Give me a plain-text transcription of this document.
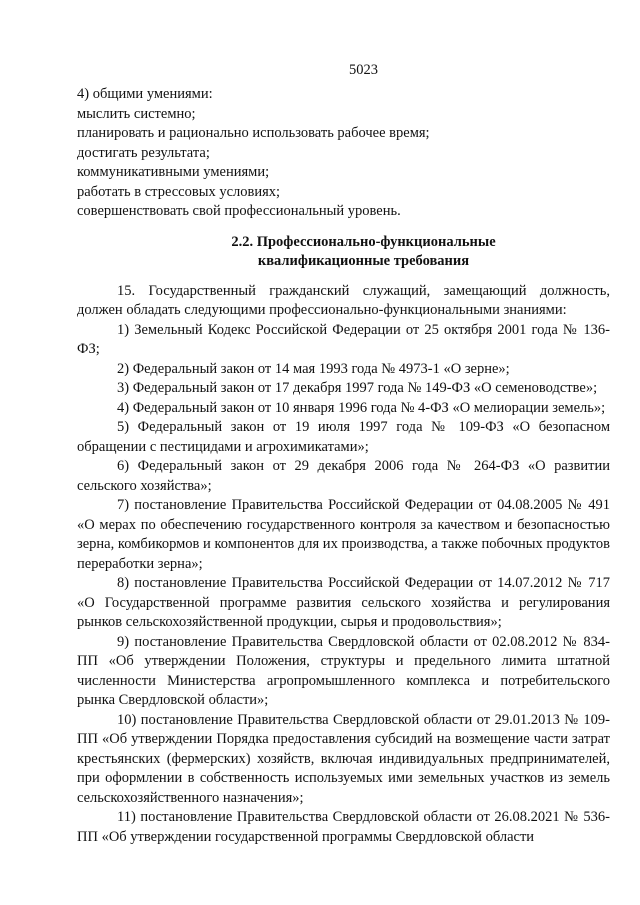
5023

4) общими умениями:

мыслить системно;

планировать и рационально использовать рабочее время;

достигать результата;

коммуникативными умениями;

работать в стрессовых условиях;

совершенствовать свой профессиональный уровень.

2.2. Профессионально-функциональные
квалификационные требования

15. Государственный гражданский служащий, замещающий должность, должен обладать следующими профессионально-функциональными знаниями:

1) Земельный Кодекс Российской Федерации от 25 октября 2001 года № 136-ФЗ;

2) Федеральный закон от 14 мая 1993 года № 4973-1 «О зерне»;

3) Федеральный закон от 17 декабря 1997 года № 149-ФЗ «О семеноводстве»;

4) Федеральный закон от 10 января 1996 года № 4-ФЗ «О мелиорации земель»;

5) Федеральный закон от 19 июля 1997 года № 109-ФЗ «О безопасном обращении с пестицидами и агрохимикатами»;

6) Федеральный закон от 29 декабря 2006 года № 264-ФЗ «О развитии сельского хозяйства»;

7) постановление Правительства Российской Федерации от 04.08.2005 № 491 «О мерах по обеспечению государственного контроля за качеством и безопасностью зерна, комбикормов и компонентов для их производства, а также побочных продуктов переработки зерна»;

8) постановление Правительства Российской Федерации от 14.07.2012 № 717 «О Государственной программе развития сельского хозяйства и регулирования рынков сельскохозяйственной продукции, сырья и продовольствия»;

9) постановление Правительства Свердловской области от 02.08.2012 № 834-ПП «Об утверждении Положения, структуры и предельного лимита штатной численности Министерства агропромышленного комплекса и потребительского рынка Свердловской области»;

10) постановление Правительства Свердловской области от 29.01.2013 № 109-ПП «Об утверждении Порядка предоставления субсидий на возмещение части затрат крестьянских (фермерских) хозяйств, включая индивидуальных предпринимателей, при оформлении в собственность используемых ими земельных участков из земель сельскохозяйственного назначения»;

11) постановление Правительства Свердловской области от 26.08.2021 № 536-ПП «Об утверждении государственной программы Свердловской области
